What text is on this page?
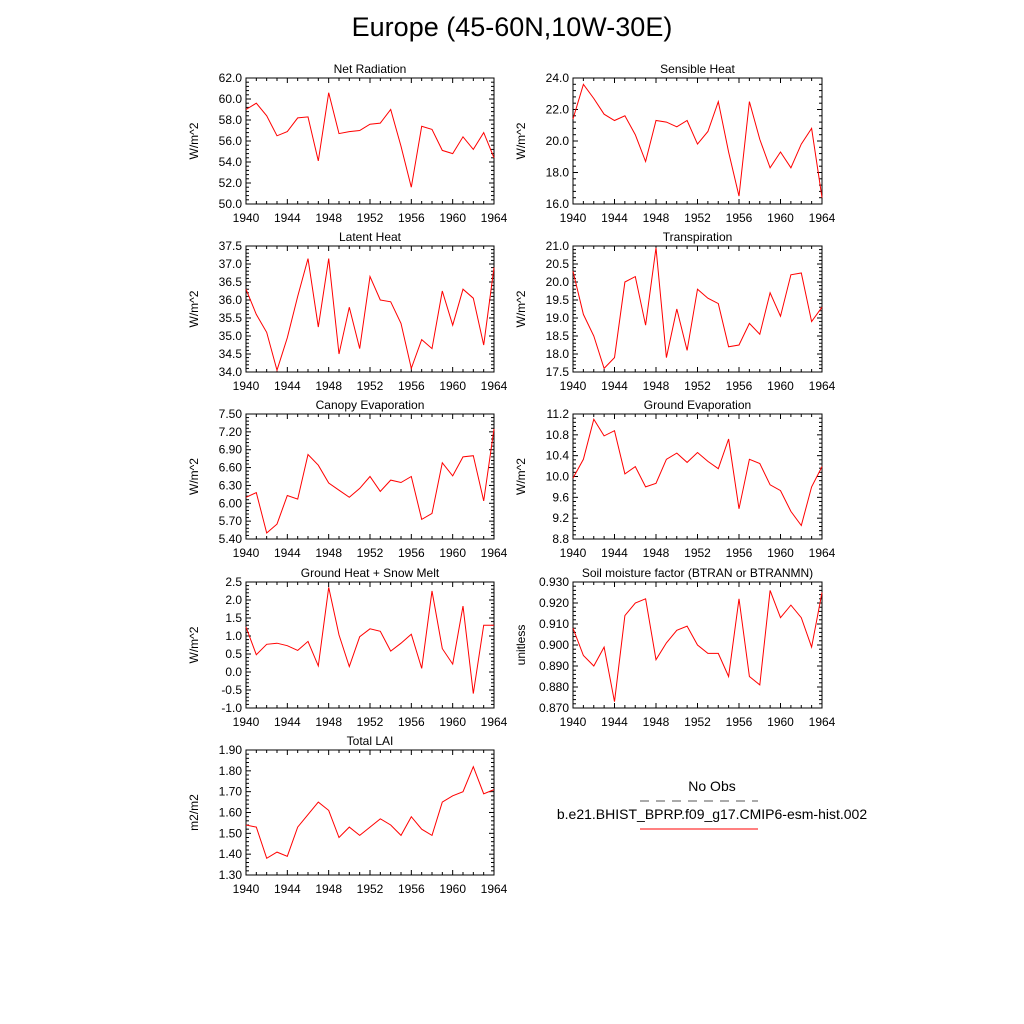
Europe (45-60N,10W-30E)
Net Radiation
W/m^2
50.0
52.0
54.0
56.0
58.0
60.0
62.0
1940 1944 1948 1952 1956 1960 1964
Sensible Heat
W/m^2
16.0
18.0
20.0
22.0
24.0
1940 1944 1948 1952 1956 1960 1964
Latent Heat
W/m^2
34.0
34.5
35.0
35.5
36.0
36.5
37.0
37.5
1940 1944 1948 1952 1956 1960 1964
Transpiration
W/m^2
17.5
18.0
18.5
19.0
19.5
20.0
20.5
21.0
1940 1944 1948 1952 1956 1960 1964
Canopy Evaporation
W/m^2
5.40
5.70
6.00
6.30
6.60
6.90
7.20
7.50
1940 1944 1948 1952 1956 1960 1964
Ground Evaporation
W/m^2
8.8
9.2
9.6
10.0
10.4
10.8
11.2
1940 1944 1948 1952 1956 1960 1964
Ground Heat + Snow Melt
W/m^2
-1.0
-0.5
0.0
0.5
1.0
1.5
2.0
2.5
1940 1944 1948 1952 1956 1960 1964
Soil moisture factor (BTRAN or BTRANMN)
unitless
0.870
0.880
0.890
0.900
0.910
0.920
0.930
1940 1944 1948 1952 1956 1960 1964
Total LAI
m2/m2
1.30
1.40
1.50
1.60
1.70
1.80
1.90
1940 1944 1948 1952 1956 1960 1964
No Obs
b.e21.BHIST_BPRP.f09_g17.CMIP6-esm-hist.002
